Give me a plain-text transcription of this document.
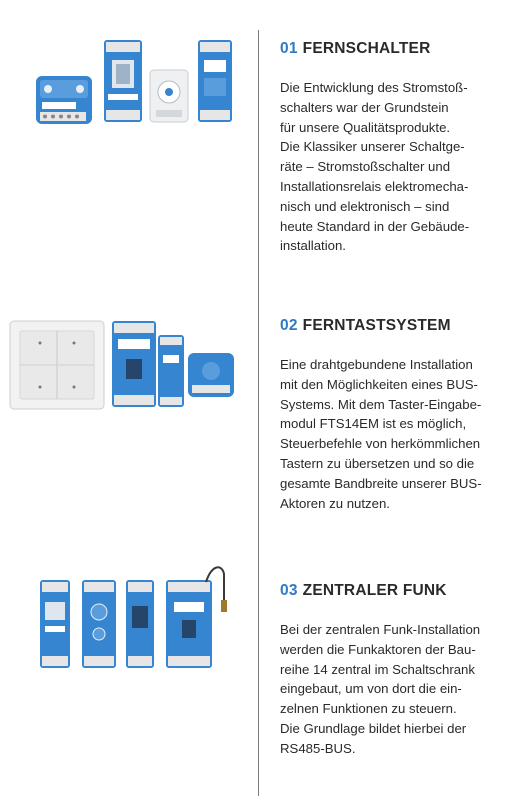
01 FERNSCHALTER

Die Entwicklung des Stromstoß-
schalters war der Grundstein
für unsere Qualitätsprodukte.
Die Klassiker unserer Schaltge-
räte – Stromstoßschalter und
Installationsrelais elektromecha-
nisch und elektronisch – sind
heute Standard in der Gebäude-
installation.

02 FERNTASTSYSTEM

Eine drahtgebundene Installation
mit den Möglichkeiten eines BUS-
Systems. Mit dem Taster-Eingabe-
modul FTS14EM ist es möglich,
Steuerbefehle von herkömmlichen
Tastern zu übersetzen und so die
gesamte Bandbreite unserer BUS-
Aktoren zu nutzen.

03 ZENTRALER FUNK

Bei der zentralen Funk-Installation
werden die Funkaktoren der Bau-
reihe 14 zentral im Schaltschrank
eingebaut, um von dort die ein-
zelnen Funktionen zu steuern.
Die Grundlage bildet hierbei der
RS485-BUS.
